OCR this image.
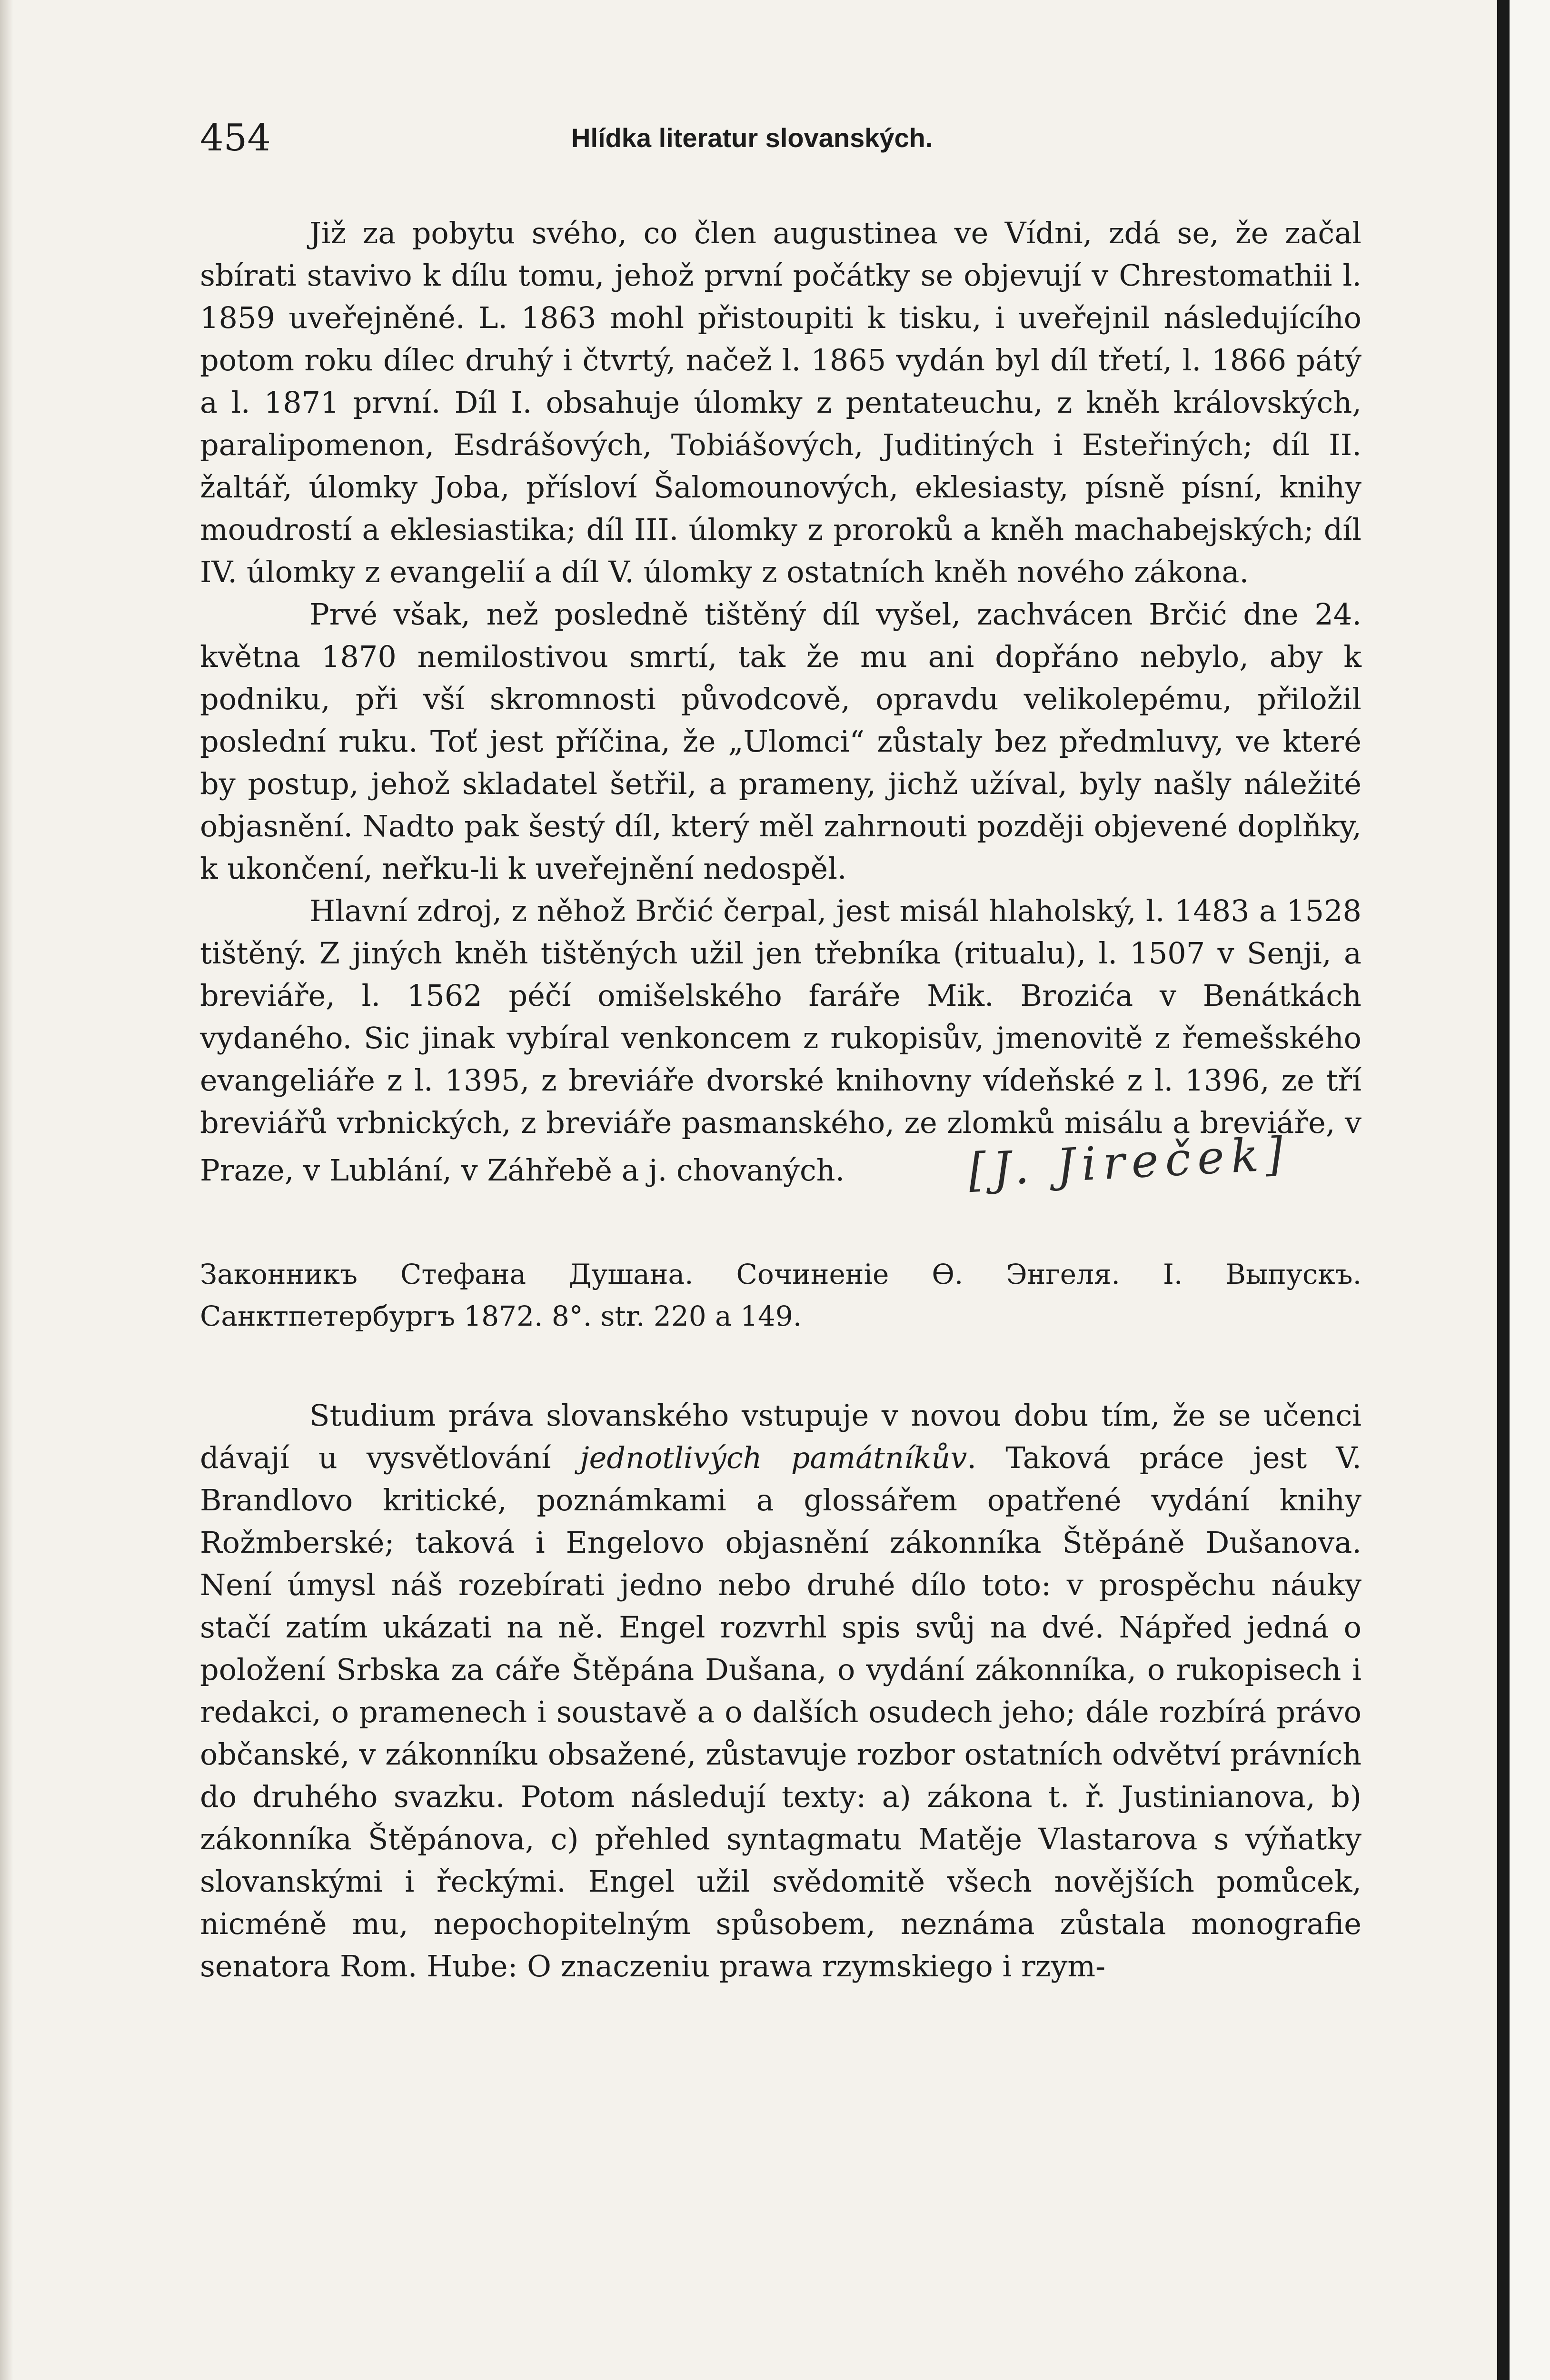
454	Hlídka literatur slovanských.

Již za pobytu svého, co člen augustinea ve Vídni, zdá se, že začal sbírati stavivo k dílu tomu, jehož první počátky se objevují v Chrestomathii l. 1859 uveřejněné. L. 1863 mohl přistoupiti k tisku, i uveřejnil následujícího potom roku dílec druhý i čtvrtý, načež l. 1865 vydán byl díl třetí, l. 1866 pátý a l. 1871 první. Díl I. obsahuje úlomky z pentateuchu, z kněh královských, paralipomenon, Esdrášových, Tobiášových, Juditiných i Esteřiných; díl II. žaltář, úlomky Joba, přísloví Šalomounových, eklesiasty, písně písní, knihy moudrostí a eklesiastika; díl III. úlomky z proroků a kněh machabejských; díl IV. úlomky z evangelií a díl V. úlomky z ostatních kněh nového zákona.

Prvé však, než posledně tištěný díl vyšel, zachvácen Brčić dne 24. května 1870 nemilostivou smrtí, tak že mu ani dopřáno nebylo, aby k podniku, při vší skromnosti původcově, opravdu velikolepému, přiložil poslední ruku. Toť jest příčina, že „Ulomci“ zůstaly bez předmluvy, ve které by postup, jehož skladatel šetřil, a prameny, jichž užíval, byly našly náležité objasnění. Nadto pak šestý díl, který měl zahrnouti později objevené doplňky, k ukončení, neřku-li k uveřejnění nedospěl.

Hlavní zdroj, z něhož Brčić čerpal, jest misál hlaholský, l. 1483 a 1528 tištěný. Z jiných kněh tištěných užil jen třebníka (ritualu), l. 1507 v Senji, a breviáře, l. 1562 péčí omišelského faráře Mik. Brozića v Benátkách vydaného. Sic jinak vybíral venkoncem z rukopisův, jmenovitě z řemešského evangeliáře z l. 1395, z breviáře dvorské knihovny vídeňské z l. 1396, ze tří breviářů vrbnických, z breviáře pasmanského, ze zlomků misálu a breviáře, v Praze, v Lublání, v Záhřebě a j. chovaných.	[J. Jireček]

Законникъ Стефана Душана. Сочиненіе Ѳ. Энгеля. I. Выпускъ. Санктпетербургъ 1872. 8°. str. 220 a 149.

Studium práva slovanského vstupuje v novou dobu tím, že se učenci dávají u vysvětlování jednotlivých památníkův. Taková práce jest V. Brandlovo kritické, poznámkami a glossářem opatřené vydání knihy Rožmberské; taková i Engelovo objasnění zákonníka Štěpáně Dušanova. Není úmysl náš rozebírati jedno nebo druhé dílo toto: v prospěchu náuky stačí zatím ukázati na ně. Engel rozvrhl spis svůj na dvé. Nápřed jedná o položení Srbska za cáře Štěpána Dušana, o vydání zákonníka, o rukopisech i redakci, o pramenech i soustavě a o dalších osudech jeho; dále rozbírá právo občanské, v zákonníku obsažené, zůstavuje rozbor ostatních odvětví právních do druhého svazku. Potom následují texty: a) zákona t. ř. Justinianova, b) zákonníka Štěpánova, c) přehled syntagmatu Matěje Vlastarova s výňatky slovanskými i řeckými. Engel užil svědomitě všech novějších pomůcek, nicméně mu, nepochopitelným spůsobem, neznáma zůstala monografie senatora Rom. Hube: O znaczeniu prawa rzymskiego i rzym-
